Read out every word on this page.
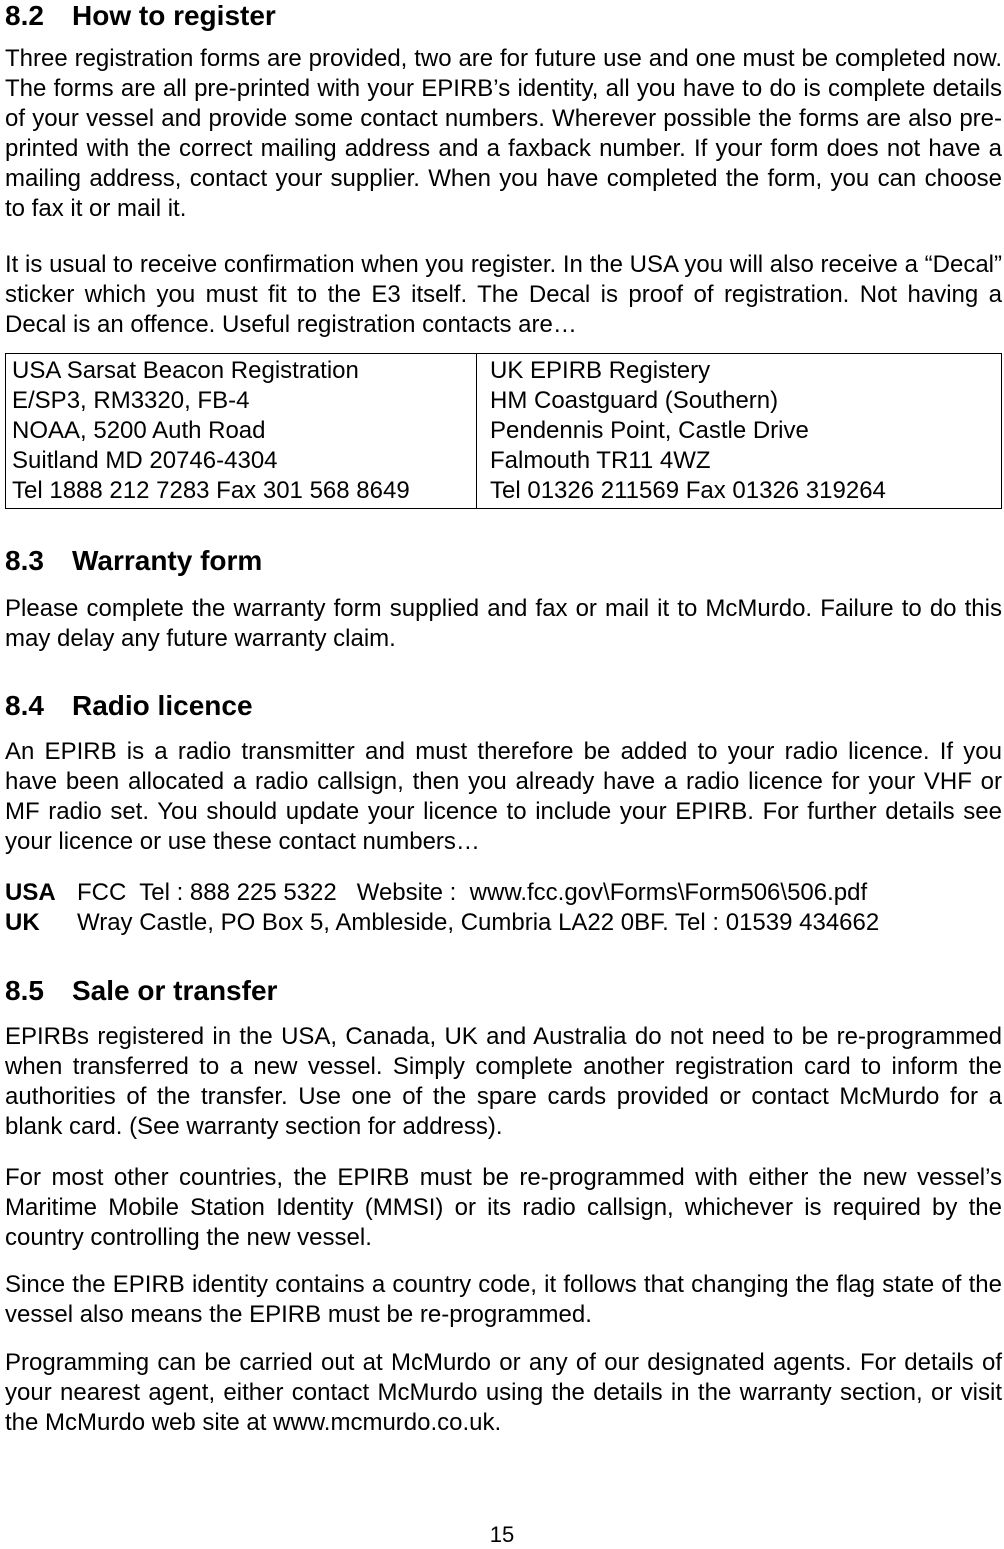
8.2	How to register

Three registration forms are provided, two are for future use and one must be completed now. The forms are all pre-printed with your EPIRB’s identity, all you have to do is complete details of your vessel and provide some contact numbers. Wherever possible the forms are also pre-printed with the correct mailing address and a faxback number. If your form does not have a mailing address, contact your supplier. When you have completed the form, you can choose to fax it or mail it.

It is usual to receive confirmation when you register. In the USA you will also receive a “Decal” sticker which you must fit to the E3 itself. The Decal is proof of registration. Not having a Decal is an offence. Useful registration contacts are…

USA Sarsat Beacon Registration
E/SP3, RM3320, FB-4
NOAA, 5200 Auth Road
Suitland MD 20746-4304
Tel 1888 212 7283 Fax 301 568 8649
UK EPIRB Registery
HM Coastguard (Southern)
Pendennis Point, Castle Drive
Falmouth TR11 4WZ
Tel 01326 211569 Fax 01326 319264
8.3	Warranty form

Please complete the warranty form supplied and fax or mail it to McMurdo. Failure to do this may delay any future warranty claim.

8.4	Radio licence

An EPIRB is a radio transmitter and must therefore be added to your radio licence. If you have been allocated a radio callsign, then you already have a radio licence for your VHF or MF radio set. You should update your licence to include your EPIRB. For further details see your licence or use these contact numbers…

USA FCC  Tel : 888 225 5322   Website :  www.fcc.gov\Forms\Form506\506.pdf
UK Wray Castle, PO Box 5, Ambleside, Cumbria LA22 0BF. Tel : 01539 434662
8.5	Sale or transfer

EPIRBs registered in the USA, Canada, UK and Australia do not need to be re-programmed when transferred to a new vessel. Simply complete another registration card to inform the authorities of the transfer. Use one of the spare cards provided or contact McMurdo for a blank card. (See warranty section for address).

For most other countries, the EPIRB must be re-programmed with either the new vessel’s Maritime Mobile Station Identity (MMSI) or its radio callsign, whichever is required by the country controlling the new vessel.

Since the EPIRB identity contains a country code, it follows that changing the flag state of the vessel also means the EPIRB must be re-programmed.

Programming can be carried out at McMurdo or any of our designated agents. For details of your nearest agent, either contact McMurdo using the details in the warranty section, or visit the McMurdo web site at www.mcmurdo.co.uk.

15
